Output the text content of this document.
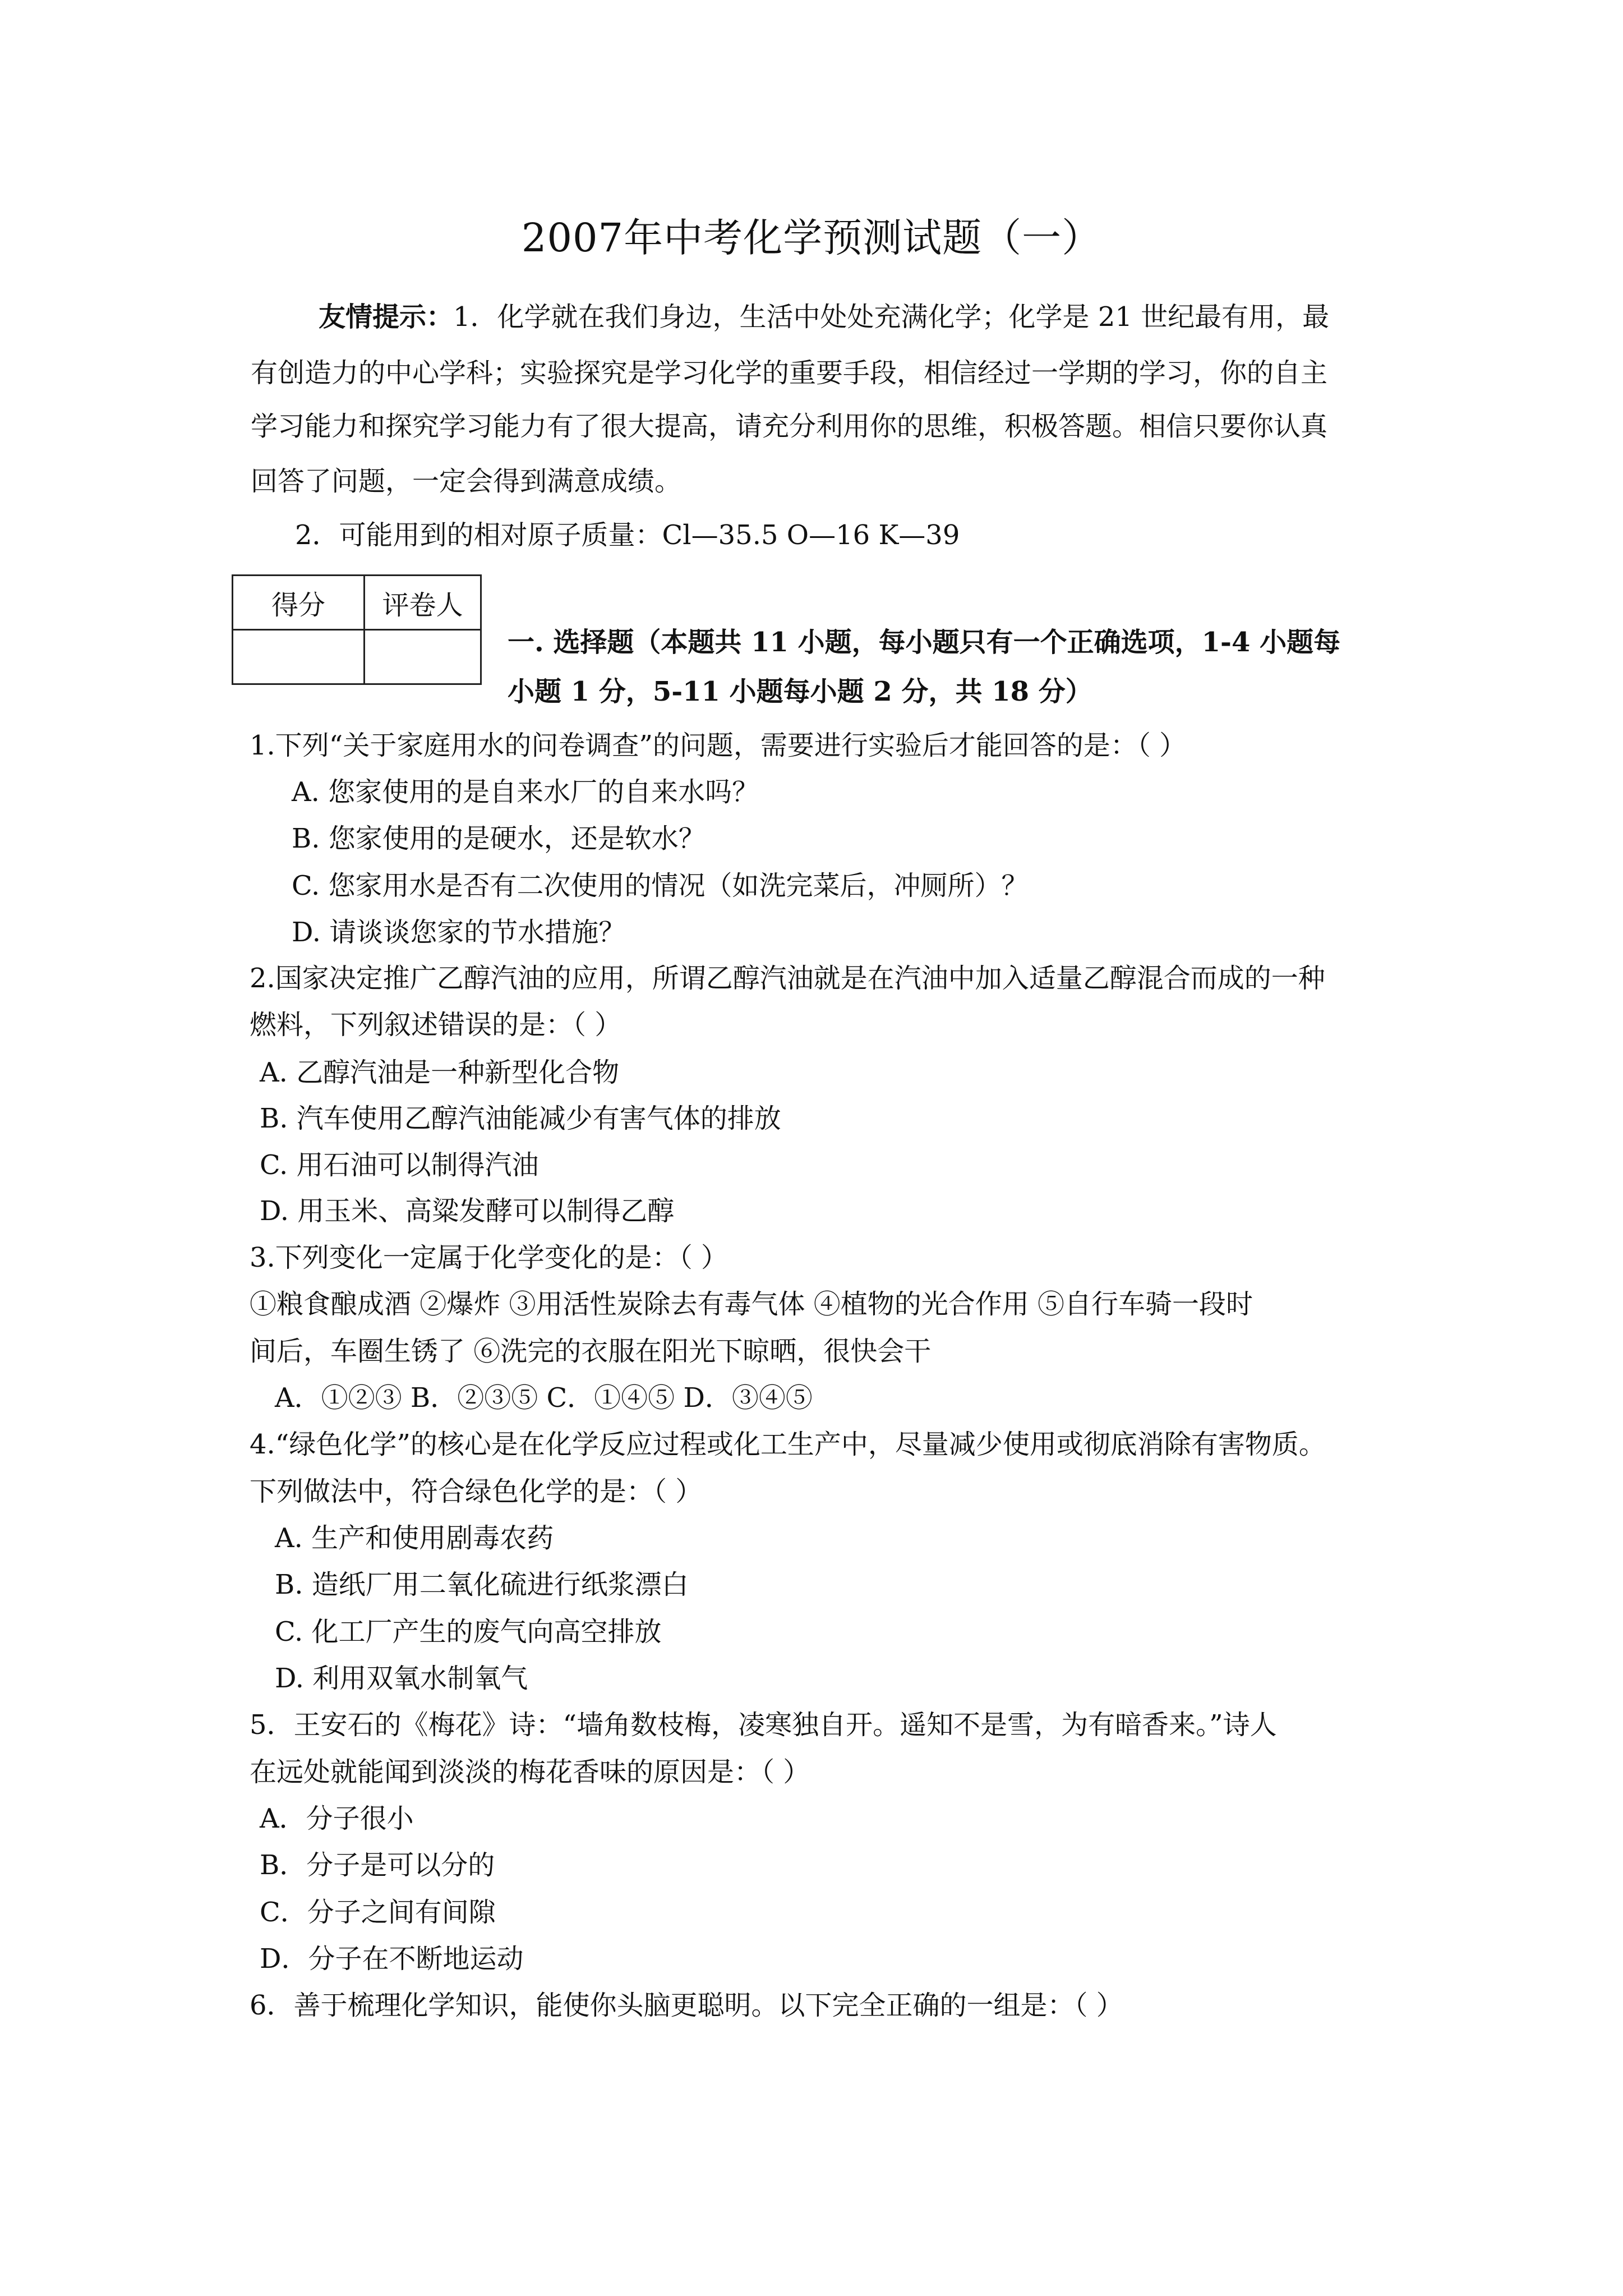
2007年中考化学预测试题（一）
友情提示：1．化学就在我们身边，生活中处处充满化学；化学是 21 世纪最有用，最
有创造力的中心学科；实验探究是学习化学的重要手段，相信经过一学期的学习，你的自主
学习能力和探究学习能力有了很大提高，请充分利用你的思维，积极答题。相信只要你认真
回答了问题，一定会得到满意成绩。
2．可能用到的相对原子质量：Cl—35.5 O—16 K—39
得分	评卷人

一. 选择题（本题共 11 小题，每小题只有一个正确选项，1-4 小题每
小题 1 分，5-11 小题每小题 2 分，共 18 分）
1.下列“关于家庭用水的问卷调查”的问题，需要进行实验后才能回答的是：（ ）
A. 您家使用的是自来水厂的自来水吗？
B. 您家使用的是硬水，还是软水？
C. 您家用水是否有二次使用的情况（如洗完菜后，冲厕所）？
D. 请谈谈您家的节水措施？
2.国家决定推广乙醇汽油的应用，所谓乙醇汽油就是在汽油中加入适量乙醇混合而成的一种
燃料，下列叙述错误的是：（ ）
A. 乙醇汽油是一种新型化合物
B. 汽车使用乙醇汽油能减少有害气体的排放
C. 用石油可以制得汽油
D. 用玉米、高粱发酵可以制得乙醇
3.下列变化一定属于化学变化的是：（ ）
①粮食酿成酒 ②爆炸 ③用活性炭除去有毒气体 ④植物的光合作用 ⑤自行车骑一段时
间后，车圈生锈了 ⑥洗完的衣服在阳光下晾晒，很快会干
A．①②③ B．②③⑤ C．①④⑤ D．③④⑤
4.“绿色化学”的核心是在化学反应过程或化工生产中，尽量减少使用或彻底消除有害物质。
下列做法中，符合绿色化学的是：（ ）
A. 生产和使用剧毒农药
B. 造纸厂用二氧化硫进行纸浆漂白
C. 化工厂产生的废气向高空排放
D. 利用双氧水制氧气
5．王安石的《梅花》诗：“墙角数枝梅，凌寒独自开。遥知不是雪，为有暗香来。”诗人
在远处就能闻到淡淡的梅花香味的原因是：（ ）
A．分子很小
B．分子是可以分的
C．分子之间有间隙
D．分子在不断地运动
6．善于梳理化学知识，能使你头脑更聪明。以下完全正确的一组是：（ ）
